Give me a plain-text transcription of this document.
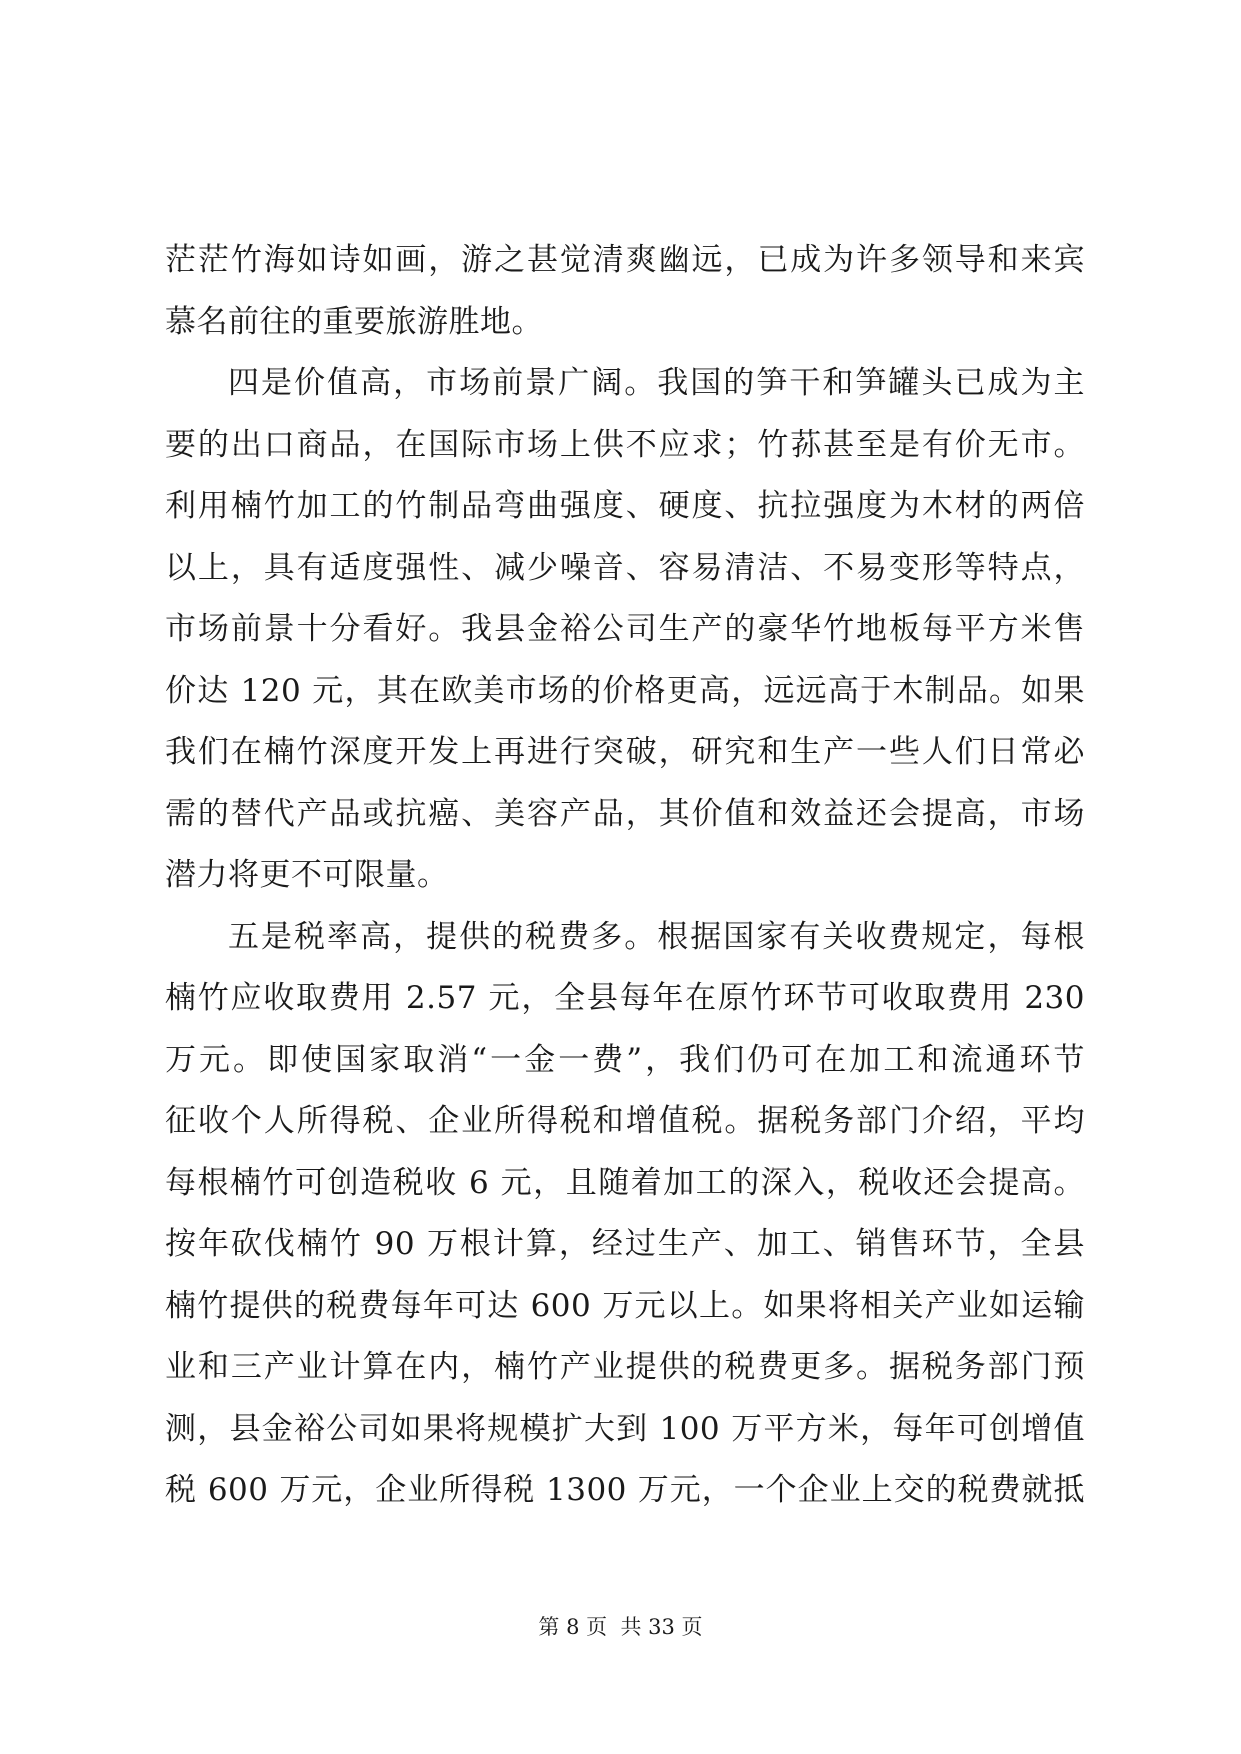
茫茫竹海如诗如画，游之甚觉清爽幽远，已成为许多领导和来宾
慕名前往的重要旅游胜地。
四是价值高，市场前景广阔。我国的笋干和笋罐头已成为主
要的出口商品，在国际市场上供不应求；竹荪甚至是有价无市。
利用楠竹加工的竹制品弯曲强度、硬度、抗拉强度为木材的两倍
以上，具有适度强性、减少噪音、容易清洁、不易变形等特点，
市场前景十分看好。我县金裕公司生产的豪华竹地板每平方米售
价达 120 元，其在欧美市场的价格更高，远远高于木制品。如果
我们在楠竹深度开发上再进行突破，研究和生产一些人们日常必
需的替代产品或抗癌、美容产品，其价值和效益还会提高，市场
潜力将更不可限量。
五是税率高，提供的税费多。根据国家有关收费规定，每根
楠竹应收取费用 2.57 元，全县每年在原竹环节可收取费用 230
万元。即使国家取消“一金一费”，我们仍可在加工和流通环节
征收个人所得税、企业所得税和增值税。据税务部门介绍，平均
每根楠竹可创造税收 6 元，且随着加工的深入，税收还会提高。
按年砍伐楠竹 90 万根计算，经过生产、加工、销售环节，全县
楠竹提供的税费每年可达 600 万元以上。如果将相关产业如运输
业和三产业计算在内，楠竹产业提供的税费更多。据税务部门预
测，县金裕公司如果将规模扩大到 100 万平方米，每年可创增值
税 600 万元，企业所得税 1300 万元，一个企业上交的税费就抵
第 8 页  共 33 页
